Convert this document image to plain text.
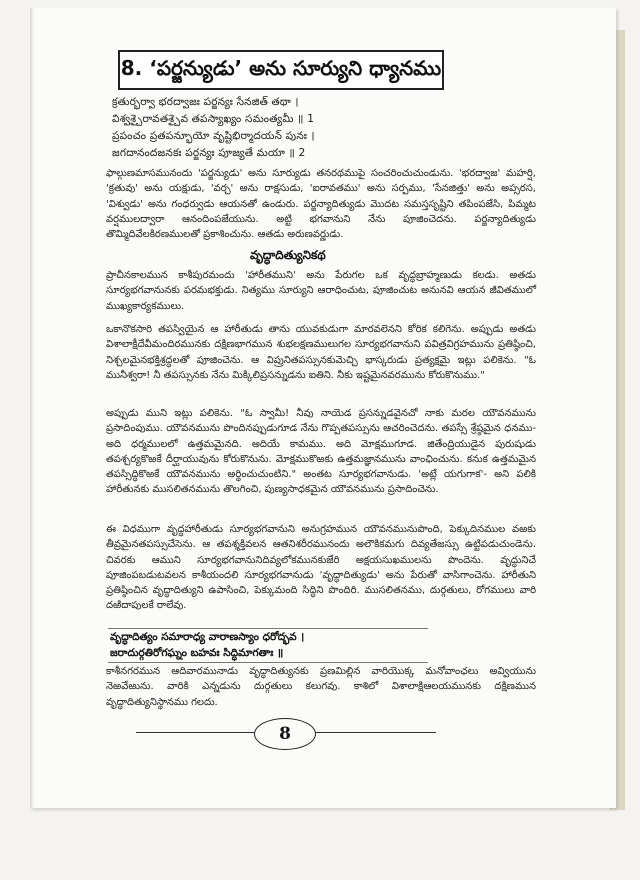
8. ‘పర్జన్యుడు’ అను సూర్యుని ధ్యానము
క్రతుర్భర్వా భరద్వాజః పర్జన్యః సేనజిత్ తథా ।
విశ్వశ్చైరావతశ్చైవ తపస్యాఖ్యం సమంత్యమీ ॥ 1
ప్రపంచం ప్రతపన్భూయో వృష్టిభిర్మాదయన్ పునః ।
జగదానందజనకః పర్జన్యః పూజ్యతే మయా ॥ 2
ఫాల్గుణమాసమునందు 'పర్జన్యుడు' అను సూర్యుడు తనరథముపై సంచరించుచుండును. 'భరద్వాజ' మహర్షి, 'క్రతువు' అను యక్షుడు, 'వర్చ' అను రాక్షసుడు, 'ఐరావతము' అను సర్పము, 'సేనజిత్తు' అను అప్సరస, 'విశ్వుడు' అను గంధర్వుడు ఆయనతో ఉండురు. పర్జన్యాదిత్యుడు మొదట సమస్తసృష్టిని తపింపజేసి, పిమ్మట వర్షములద్వారా ఆనందింపజేయును. అట్టి భగవానుని నేను పూజించెదను. పర్జన్యాదిత్యుడు తొమ్మిదివేలకిరణములతో ప్రకాశించును. ఆతడు అరుణవర్ణుడు.
వృద్ధాదిత్యునికథ
ప్రాచీనకాలమున కాశీపురమందు 'హారీతముని' అను పేరుగల ఒక వృద్ధబ్రాహ్మణుడు కలడు. అతడు సూర్యభగవానునకు పరమభక్తుడు. నిత్యము సూర్యుని ఆరాధించుట, పూజించుట అనునవి ఆయన జీవితములో ముఖ్యకార్యకములు.
ఒకానొకసారి తపస్వియైన ఆ హారీతుడు తాను యువకుడుగా మారవలెనని కోరిక కలిగెను. అప్పుడు అతడు విశాలాక్షీదేవీమందిరమునకు దక్షిణభాగమున శుభలక్షణములుగల సూర్యభగవానుని పవిత్రవిగ్రహమును ప్రతిష్ఠించి, నిశ్చలమైనభక్తిశ్రద్ధలతో పూజించెను. ఆ విప్రునితపస్సునకుమెచ్చి భాస్కరుడు ప్రత్యక్షమై ఇట్లు పలికెను. "ఓ మునీశ్వరా! నీ తపస్సునకు నేను మిక్కిలిప్రసన్నుడను ఐతిని. నీకు ఇష్టమైనవరమును కోరుకొనుము."
అప్పుడు ముని ఇట్లు పలికెను. "ఓ స్వామీ! నీవు నాయెడ ప్రసన్నుడవైనచో నాకు మరల యౌవనమును ప్రసాదింపుము. యౌవనమును పొందినప్పుడుగూడ నేను గొప్పతపస్సును ఆచరించెదను. తపస్సే శ్రేష్ఠమైన ధనము- అది ధర్మములలో ఉత్తమమైనది. అదియే కామము. అది మోక్షముగూడ. జితేంద్రియుడైన పురుషుడు తపశ్చర్యకొఱకే దీర్ఘాయువును కోరుకొనును. మోక్షముకొఱకు ఉత్తమజ్ఞానమును వాంఛించును. కనుక ఉత్తమమైన తపస్సిద్ధికొఱకే యౌవనమును అర్థించుచుంటిని." అంతట సూర్యభగవానుడు. 'అట్లే యగుగాక'- అని పలికి హారీతునకు ముసలితనమును తొలగించి, పుణ్యసాధకమైన యౌవనమును ప్రసాదించెను.
ఈ విధముగా వృద్ధహారీతుడు సూర్యభగవానుని అనుగ్రహమున యౌవనమునుపొంది, పెక్కుదినముల వఱకు తీవ్రమైనతపస్సుచేసెను. ఆ తపశ్శక్తివలన ఆతనిశరీరమునందు అలౌకికమగు దివ్యతేజస్సు ఉట్టిపడుచుండెను. చివరకు ఆముని సూర్యభగవానునిదివ్యలోకమునకుజేరి అక్షయసుఖములను పొందెను. వృద్ధునిచే పూజింపబడుటవలన కాశీయందలి సూర్యభగవానుడు 'వృద్ధాదిత్యుడు' అను పేరుతో వాసిగాంచెను. హారీతుని ప్రతిష్ఠించిన వృద్ధాదిత్యుని ఉపాసించి, పెక్కుమంది సిద్ధిని పొందిరి. ముసలితనము, దుర్గతులు, రోగములు వారి దఱిదాపులకే రాలేవు.
వృద్ధాదిత్యం సమారాధ్య వారాణస్యాం ధరోద్భవ ।
జరాదుర్గతిరోగఘ్నం బహవః సిద్ధిమాగతాః ॥
కాశీనగరమున ఆదివారమునాడు వృద్ధాదిత్యునకు ప్రణమిల్లిన వారియొక్క మనోవాంఛలు అవ్వియును నెఱవేఱును. వారికి ఎన్నడును దుర్గతులు కలుగవు. కాశిలో విశాలాక్షిఆలయమునకు దక్షిణమున వృద్ధాదిత్యునిస్థానము గలదు.
8
